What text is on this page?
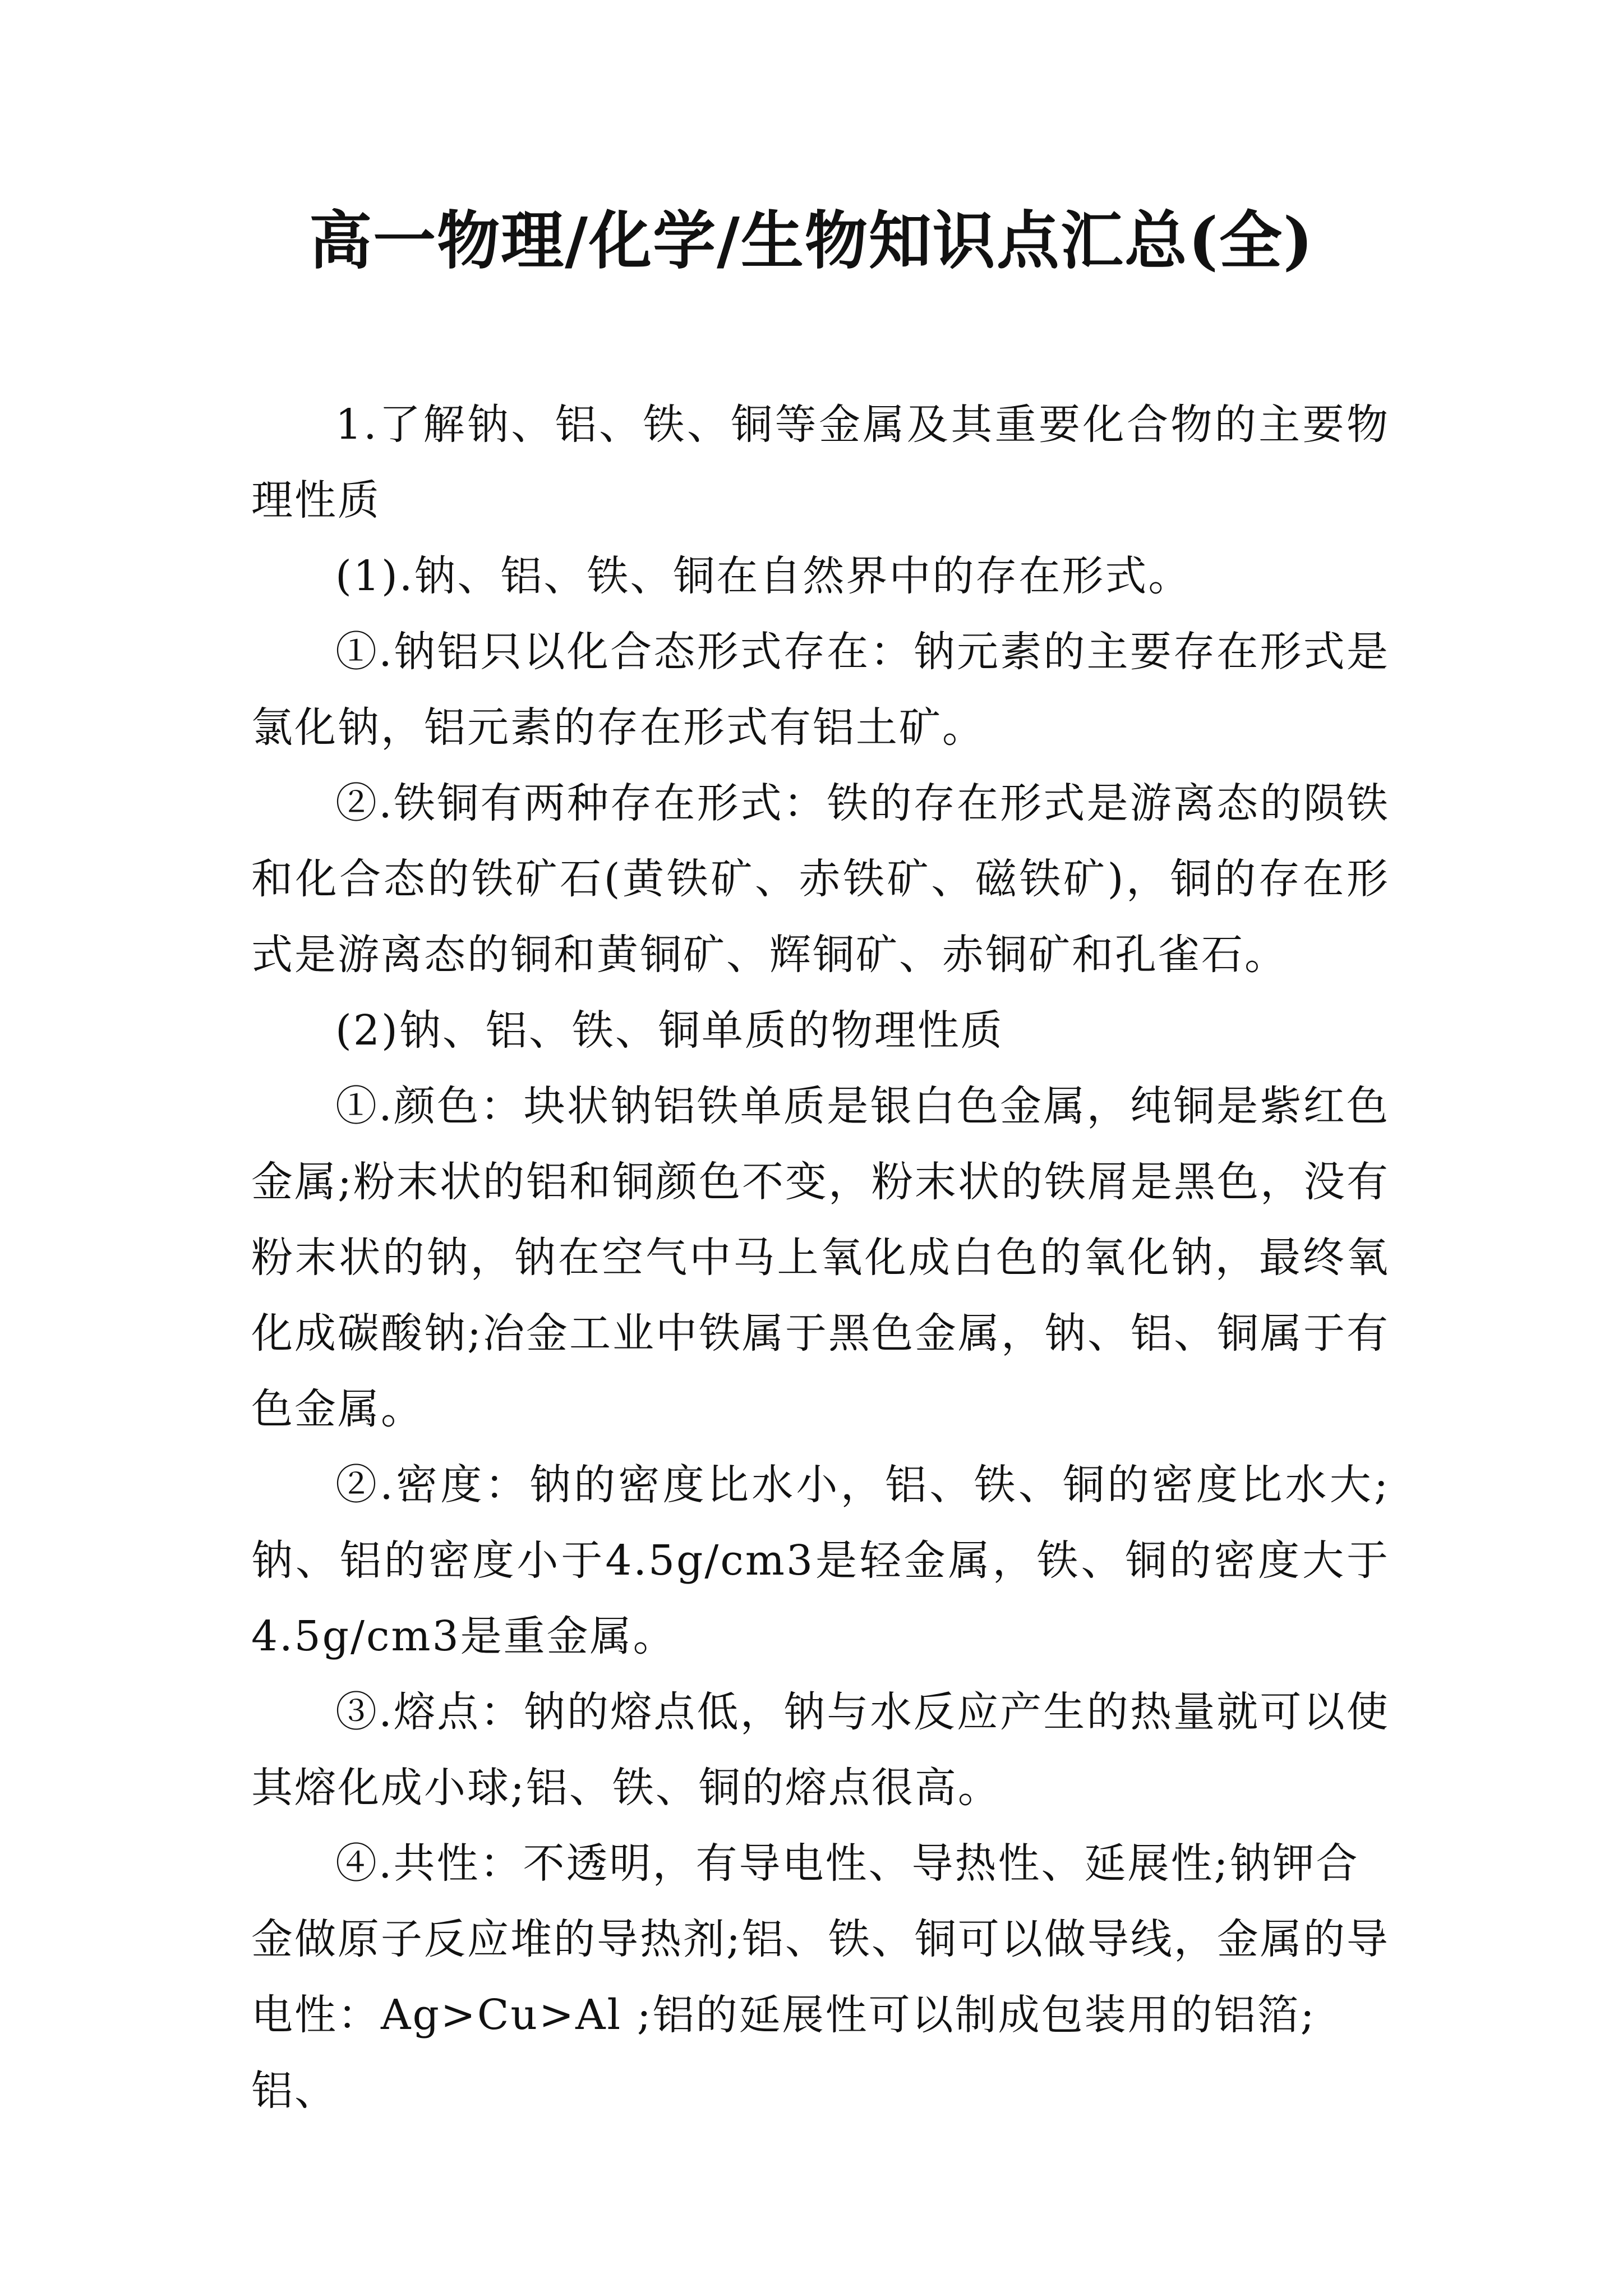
高一物理/化学/生物知识点汇总(全)

1.了解钠、铝、铁、铜等金属及其重要化合物的主要物理性质

(1).钠、铝、铁、铜在自然界中的存在形式。

①.钠铝只以化合态形式存在：钠元素的主要存在形式是氯化钠，铝元素的存在形式有铝土矿。

②.铁铜有两种存在形式：铁的存在形式是游离态的陨铁和化合态的铁矿石(黄铁矿、赤铁矿、磁铁矿)，铜的存在形式是游离态的铜和黄铜矿、辉铜矿、赤铜矿和孔雀石。

(2)钠、铝、铁、铜单质的物理性质

①.颜色：块状钠铝铁单质是银白色金属，纯铜是紫红色金属;粉末状的铝和铜颜色不变，粉末状的铁屑是黑色，没有粉末状的钠，钠在空气中马上氧化成白色的氧化钠，最终氧化成碳酸钠;冶金工业中铁属于黑色金属，钠、铝、铜属于有色金属。

②.密度：钠的密度比水小，铝、铁、铜的密度比水大;钠、铝的密度小于4.5g/cm3是轻金属，铁、铜的密度大于4.5g/cm3是重金属。

③.熔点：钠的熔点低，钠与水反应产生的热量就可以使其熔化成小球;铝、铁、铜的熔点很高。

④.共性：不透明，有导电性、导热性、延展性;钠钾合金做原子反应堆的导热剂;铝、铁、铜可以做导线，金属的导电性：Ag>Cu>Al ;铝的延展性可以制成包装用的铝箔;铝、
